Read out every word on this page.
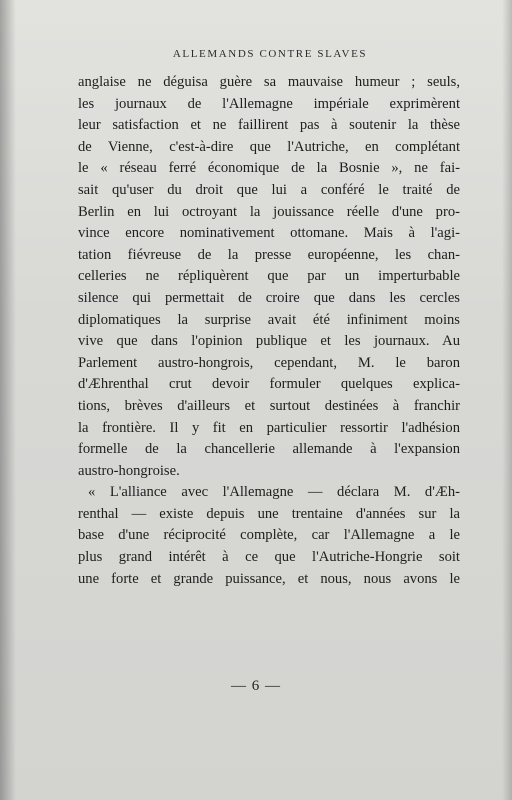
ALLEMANDS CONTRE SLAVES
anglaise ne déguisa guère sa mauvaise humeur ; seuls,
les journaux de l'Allemagne impériale exprimèrent
leur satisfaction et ne faillirent pas à soutenir la thèse
de Vienne, c'est-à-dire que l'Autriche, en complétant
le « réseau ferré économique de la Bosnie », ne fai-
sait qu'user du droit que lui a conféré le traité de
Berlin en lui octroyant la jouissance réelle d'une pro-
vince encore nominativement ottomane. Mais à l'agi-
tation fiévreuse de la presse européenne, les chan-
celleries ne répliquèrent que par un imperturbable
silence qui permettait de croire que dans les cercles
diplomatiques la surprise avait été infiniment moins
vive que dans l'opinion publique et les journaux. Au
Parlement austro-hongrois, cependant, M. le baron
d'Æhrenthal crut devoir formuler quelques explica-
tions, brèves d'ailleurs et surtout destinées à franchir
la frontière. Il y fit en particulier ressortir l'adhésion
formelle de la chancellerie allemande à l'expansion
austro-hongroise.
« L'alliance avec l'Allemagne — déclara M. d'Æh-
renthal — existe depuis une trentaine d'années sur la
base d'une réciprocité complète, car l'Allemagne a le
plus grand intérêt à ce que l'Autriche-Hongrie soit
une forte et grande puissance, et nous, nous avons le
— 6 —
